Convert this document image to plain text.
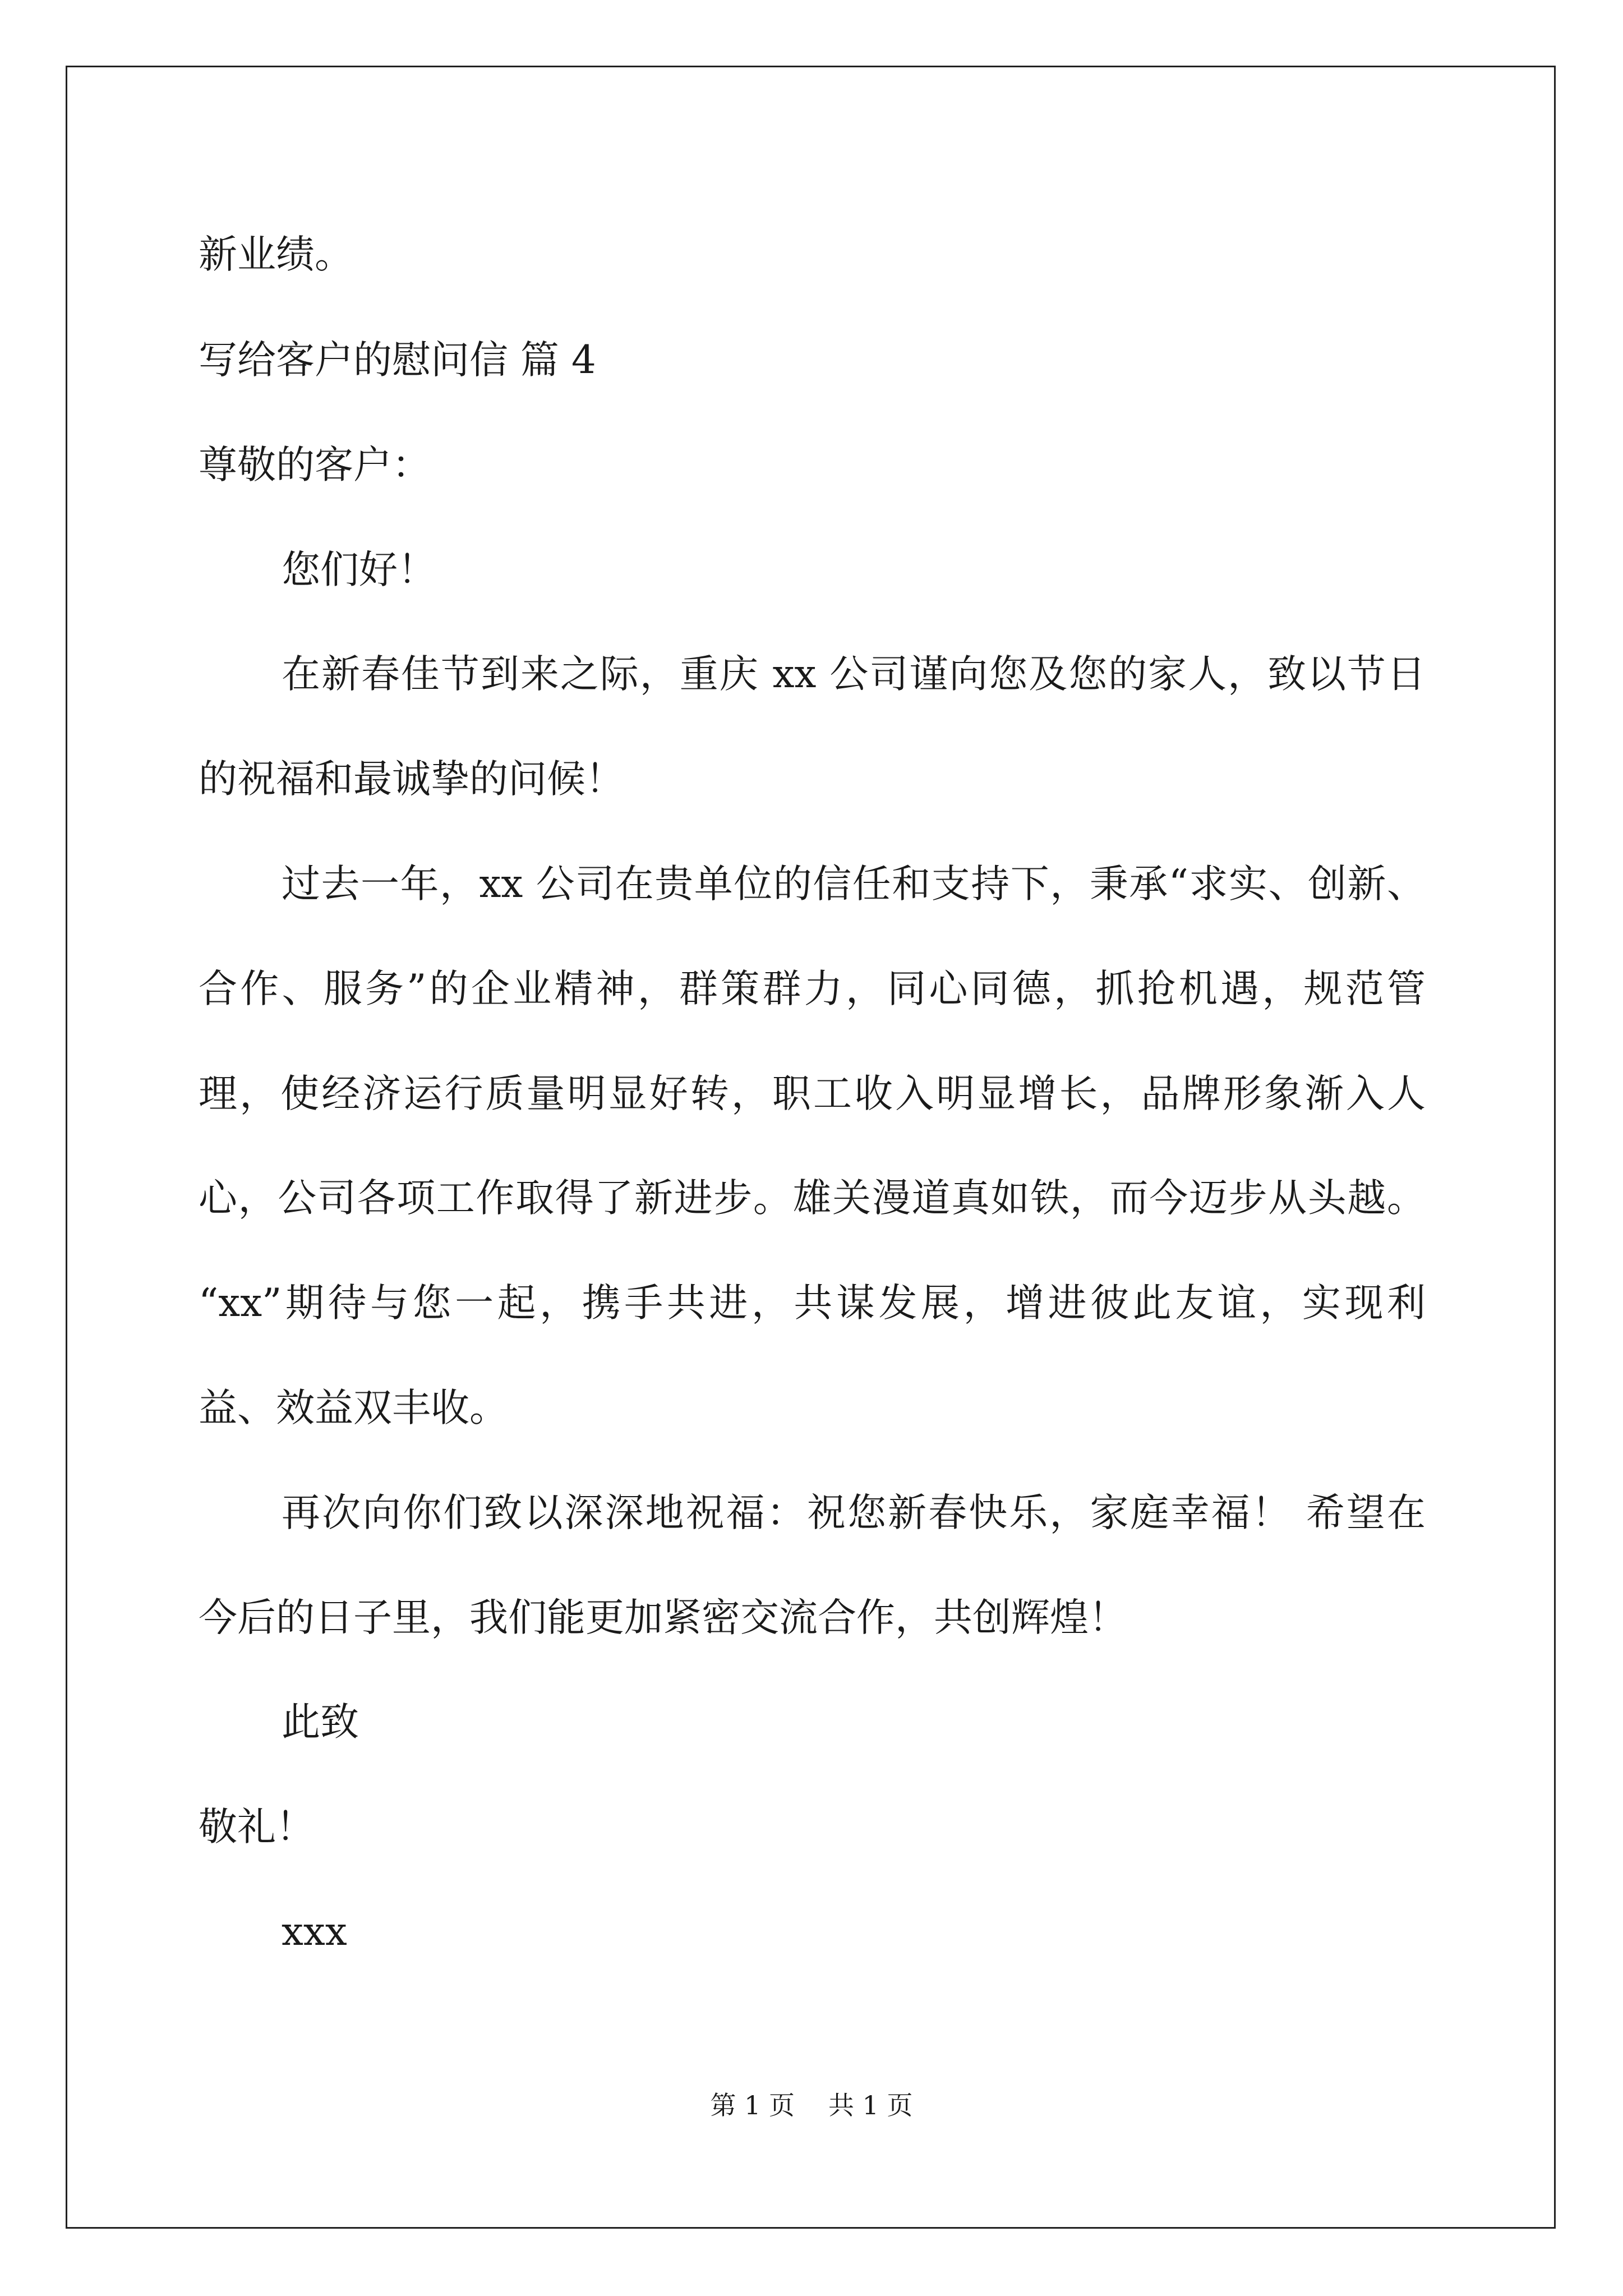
新业绩。
写给客户的慰问信 篇 4
尊敬的客户：
您们好！
在新春佳节到来之际，重庆 xx 公司谨向您及您的家人，致以节日
的祝福和最诚挚的问候！
过去一年，xx 公司在贵单位的信任和支持下，秉承“求实、创新、
合作、服务”的企业精神，群策群力，同心同德，抓抢机遇，规范管
理，使经济运行质量明显好转，职工收入明显增长，品牌形象渐入人
心，公司各项工作取得了新进步。雄关漫道真如铁，而今迈步从头越。
“xx”期待与您一起，携手共进，共谋发展，增进彼此友谊，实现利
益、效益双丰收。
再次向你们致以深深地祝福：祝您新春快乐，家庭幸福！ 希望在
今后的日子里，我们能更加紧密交流合作，共创辉煌！
此致
敬礼！
xxx
第 1 页 共 1 页
